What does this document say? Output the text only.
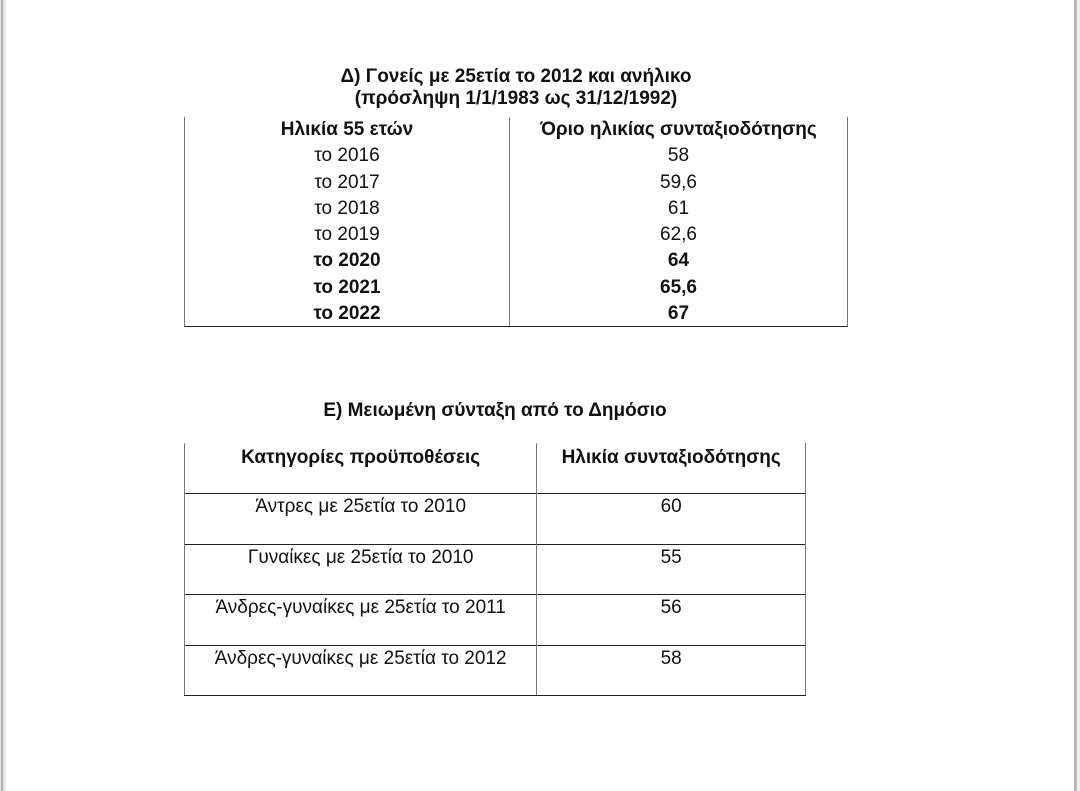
Δ) Γονείς με 25ετία το 2012 και ανήλικο
(πρόσληψη 1/1/1983 ως 31/12/1992)
Ηλικία 55 ετών	Όριο ηλικίας συνταξιοδότησης
το 2016	58
το 2017	59,6
το 2018	61
το 2019	62,6
το 2020	64
το 2021	65,6
το 2022	67
Ε) Μειωμένη σύνταξη από το Δημόσιο
Κατηγορίες προϋποθέσεις	Ηλικία συνταξιοδότησης
Άντρες με 25ετία το 2010	60
Γυναίκες με 25ετία το 2010	55
Άνδρες-γυναίκες με 25ετία το 2011	56
Άνδρες-γυναίκες με 25ετία το 2012	58
